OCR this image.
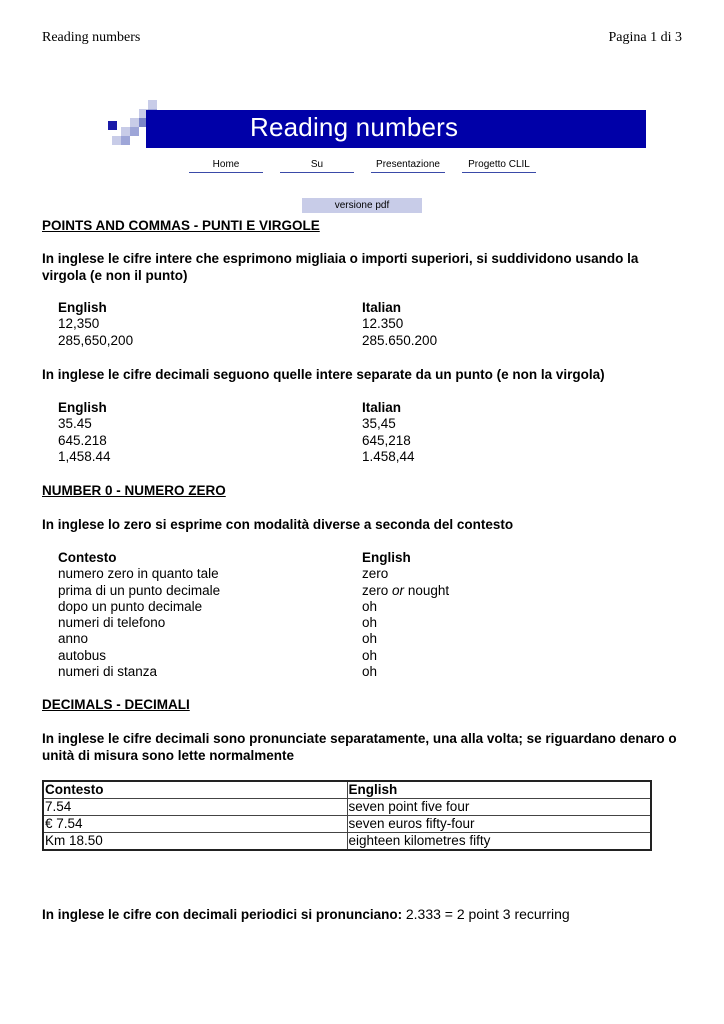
Reading numbers	Pagina 1 di 3
Reading numbers
Home	Su	Presentazione	Progetto CLIL
versione pdf
POINTS AND COMMAS - PUNTI E VIRGOLE
In inglese le cifre intere che esprimono migliaia o importi superiori, si suddividono usando la virgola (e non il punto)
English	Italian
12,350	12.350
285,650,200	285.650.200
In inglese le cifre decimali seguono quelle intere separate da un punto (e non la virgola)
English	Italian
35.45	35,45
645.218	645,218
1,458.44	1.458,44
NUMBER 0 - NUMERO ZERO
In inglese lo zero si esprime con modalità diverse a seconda del contesto
Contesto	English
numero zero in quanto tale	zero
prima di un punto decimale	zero or nought
dopo un punto decimale	oh
numeri di telefono	oh
anno	oh
autobus	oh
numeri di stanza	oh
DECIMALS - DECIMALI
In inglese le cifre decimali sono pronunciate separatamente, una alla volta; se riguardano denaro o unità di misura sono lette normalmente
Contesto	English
7.54	seven point five four
€ 7.54	seven euros fifty-four
Km 18.50	eighteen kilometres fifty
In inglese le cifre con decimali periodici si pronunciano: 2.333 = 2 point 3 recurring
